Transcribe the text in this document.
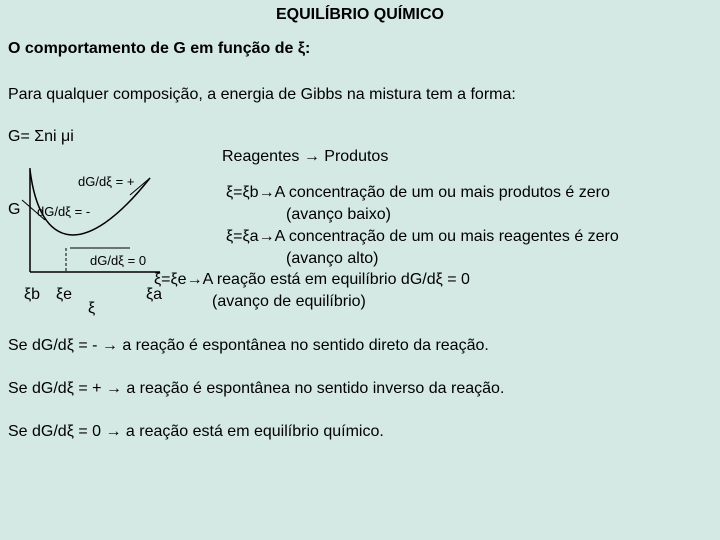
EQUILÍBRIO QUÍMICO
O comportamento de G em função de ξ:
Para qualquer composição, a energia de Gibbs na mistura tem a forma:
G= Σni μi
Reagentes → Produtos
G
dG/dξ = +
dG/dξ = -
dG/dξ = 0
ξb ξe
ξ
ξ=ξb→A concentração de um ou mais produtos é zero
(avanço baixo)
ξ=ξa→A concentração de um ou mais reagentes é zero
(avanço alto)
ξ=ξe→A reação está em equilíbrio dG/dξ = 0
ξa	(avanço de equilíbrio)
Se dG/dξ = - → a reação é espontânea no sentido direto da reação.
Se dG/dξ = + → a reação é espontânea no sentido inverso da reação.
Se dG/dξ = 0 → a reação está em equilíbrio químico.
